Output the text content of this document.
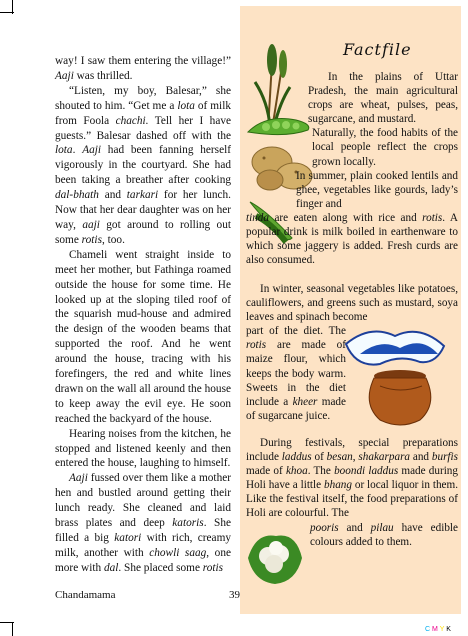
way! I saw them entering the village!” Aaji was thrilled.

“Listen, my boy, Balesar,” she shouted to him. “Get me a lota of milk from Foola chachi. Tell her I have guests.” Balesar dashed off with the lota. Aaji had been fanning herself vigorously in the courtyard. She had been taking a breather after cooking dal-bhath and tarkari for her lunch. Now that her dear daughter was on her way, aaji got around to rolling out some rotis, too.

Chameli went straight inside to meet her mother, but Fathinga roamed outside the house for some time. He looked up at the sloping tiled roof of the squarish mud-house and admired the design of the wooden beams that supported the roof. And he went around the house, tracing with his forefingers, the red and white lines drawn on the wall all around the house to keep away the evil eye. He soon reached the backyard of the house.

Hearing noises from the kitchen, he stopped and listened keenly and then entered the house, laughing to himself.

Aaji fussed over them like a mother hen and bustled around getting their lunch ready. She cleaned and laid brass plates and deep katoris. She filled a big katori with rich, creamy milk, another with chowli saag, one more with dal. She placed some rotis

Factfile

In the plains of Uttar Pradesh, the main agricultural crops are wheat, pulses, peas, sugarcane, and mustard.

Naturally, the food habits of the local people reflect the crops grown locally.

In summer, plain cooked lentils and ghee, vegetables like gourds, lady’s finger and

tinda are eaten along with rice and rotis. A popular drink is milk boiled in earthenware to which some jaggery is added. Fresh curds are also consumed.

In winter, seasonal vegetables like potatoes, cauliflowers, and greens such as mustard, soya leaves and spinach become

part of the diet. The rotis are made of maize flour, which keeps the body warm. Sweets in the diet include a kheer made of sugarcane juice.

During festivals, special preparations include laddus of besan, shakarpara and burfis made of khoa. The boondi laddus made during Holi have a little bhang or local liquor in them. Like the festival itself, the food preparations of Holi are colourful. The

pooris and pilau have edible colours added to them.

Chandamama	39
C M Y K
